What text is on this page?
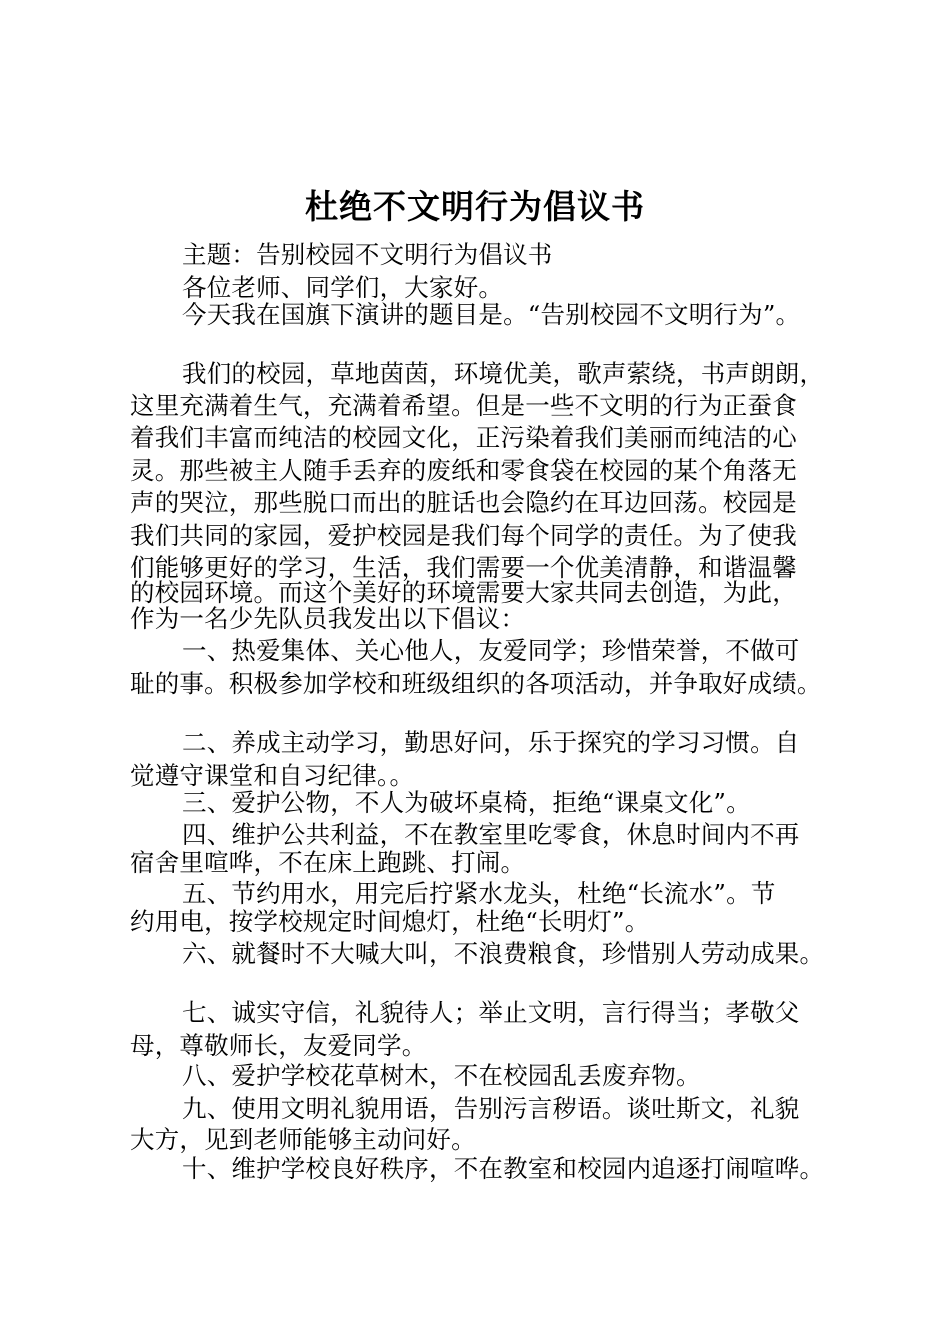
杜绝不文明行为倡议书
主题：告别校园不文明行为倡议书
各位老师、同学们，大家好。
今天我在国旗下演讲的题目是。“告别校园不文明行为”。
我们的校园，草地茵茵，环境优美，歌声萦绕，书声朗朗，
这里充满着生气，充满着希望。但是一些不文明的行为正蚕食
着我们丰富而纯洁的校园文化，正污染着我们美丽而纯洁的心
灵。那些被主人随手丢弃的废纸和零食袋在校园的某个角落无
声的哭泣，那些脱口而出的脏话也会隐约在耳边回荡。校园是
我们共同的家园，爱护校园是我们每个同学的责任。为了使我
们能够更好的学习，生活，我们需要一个优美清静，和谐温馨
的校园环境。而这个美好的环境需要大家共同去创造，为此，
作为一名少先队员我发出以下倡议：
一、热爱集体、关心他人，友爱同学；珍惜荣誉，不做可
耻的事。积极参加学校和班级组织的各项活动，并争取好成绩。
二、养成主动学习，勤思好问，乐于探究的学习习惯。自
觉遵守课堂和自习纪律。。
三、爱护公物，不人为破坏桌椅，拒绝“课桌文化”。
四、维护公共利益，不在教室里吃零食，休息时间内不再
宿舍里喧哗，不在床上跑跳、打闹。
五、节约用水，用完后拧紧水龙头，杜绝“长流水”。节
约用电，按学校规定时间熄灯，杜绝“长明灯”。
六、就餐时不大喊大叫，不浪费粮食，珍惜别人劳动成果。
七、诚实守信，礼貌待人；举止文明，言行得当；孝敬父
母，尊敬师长，友爱同学。
八、爱护学校花草树木，不在校园乱丢废弃物。
九、使用文明礼貌用语，告别污言秽语。谈吐斯文，礼貌
大方，见到老师能够主动问好。
十、维护学校良好秩序，不在教室和校园内追逐打闹喧哗。
